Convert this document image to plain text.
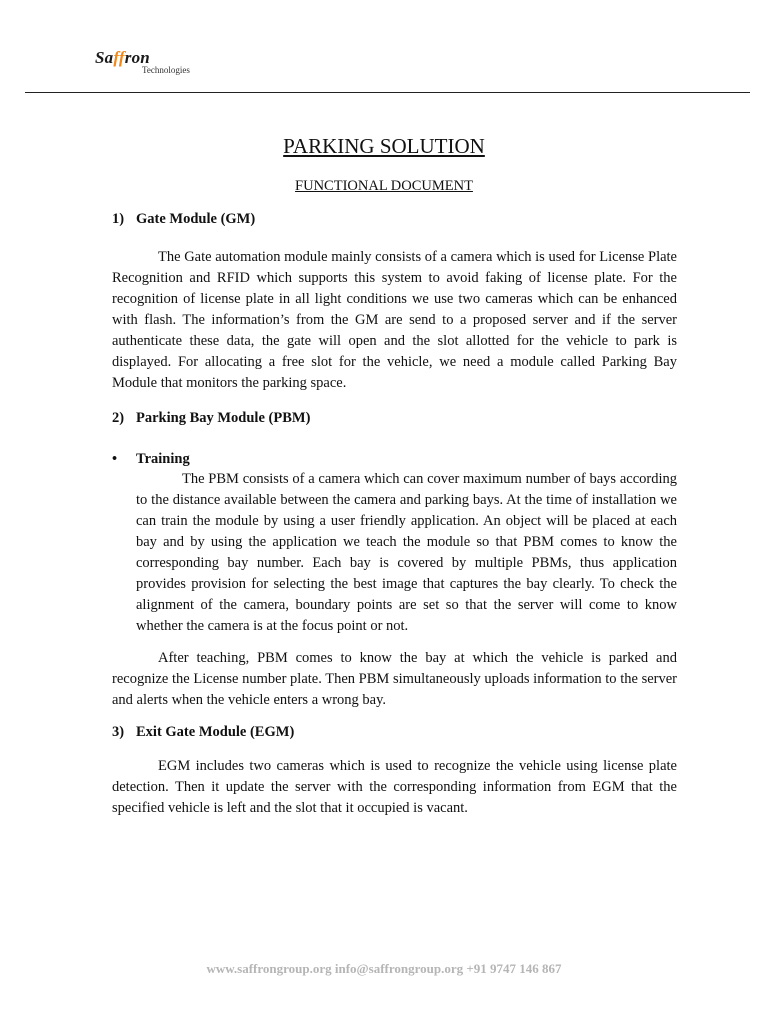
Saffron
Technologies
PARKING SOLUTION
FUNCTIONAL DOCUMENT
1) Gate Module (GM)

The Gate automation module mainly consists of a camera which is used for License Plate Recognition and RFID which supports this system to avoid faking of license plate. For the recognition of license plate in all light conditions we use two cameras which can be enhanced with flash. The information’s from the GM are send to a proposed server and if the server authenticate these data, the gate will open and the slot allotted for the vehicle to park is displayed. For allocating a free slot for the vehicle, we need a module called Parking Bay Module that monitors the parking space.

2) Parking Bay Module (PBM)
• Training

The PBM consists of a camera which can cover maximum number of bays according to the distance available between the camera and parking bays. At the time of installation we can train the module by using a user friendly application. An object will be placed at each bay and by using the application we teach the module so that PBM comes to know the corresponding bay number. Each bay is covered by multiple PBMs, thus application provides provision for selecting the best image that captures the bay clearly. To check the alignment of the camera, boundary points are set so that the server will come to know whether the camera is at the focus point or not.

After teaching, PBM comes to know the bay at which the vehicle is parked and recognize the License number plate. Then PBM simultaneously uploads information to the server and alerts when the vehicle enters a wrong bay.

3) Exit Gate Module (EGM)

EGM includes two cameras which is used to recognize the vehicle using license plate detection. Then it update the server with the corresponding information from EGM that the specified vehicle is left and the slot that it occupied is vacant.

www.saffrongroup.org info@saffrongroup.org +91 9747 146 867
